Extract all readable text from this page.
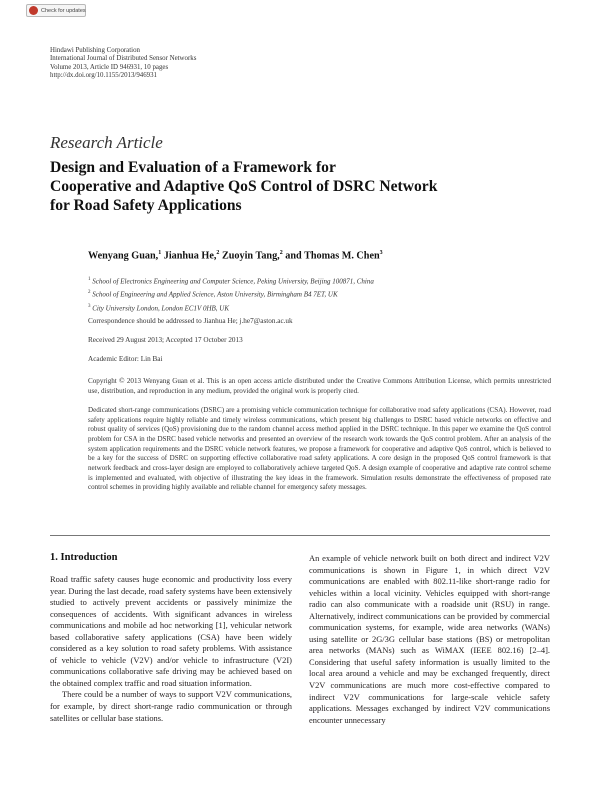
Check for updates
Hindawi Publishing Corporation
International Journal of Distributed Sensor Networks
Volume 2013, Article ID 946931, 10 pages
http://dx.doi.org/10.1155/2013/946931
Research Article
Design and Evaluation of a Framework for
Cooperative and Adaptive QoS Control of DSRC Network
for Road Safety Applications
Wenyang Guan,$^1$ Jianhua He,$^2$ Zuoyin Tang,$^2$ and Thomas M. Chen$^3$
$^1$ School of Electronics Engineering and Computer Science, Peking University, Beijing 100871, China
$^2$ School of Engineering and Applied Science, Aston University, Birmingham B4 7ET, UK
$^3$ City University London, London EC1V 0HB, UK
Correspondence should be addressed to Jianhua He; j.he7@aston.ac.uk
Received 29 August 2013; Accepted 17 October 2013
Academic Editor: Lin Bai
Copyright © 2013 Wenyang Guan et al. This is an open access article distributed under the Creative Commons Attribution License, which permits unrestricted use, distribution, and reproduction in any medium, provided the original work is properly cited.
Dedicated short-range communications (DSRC) are a promising vehicle communication technique for collaborative road safety applications (CSA). However, road safety applications require highly reliable and timely wireless communications, which present big challenges to DSRC based vehicle networks on effective and robust quality of services (QoS) provisioning due to the random channel access method applied in the DSRC technique. In this paper we examine the QoS control problem for CSA in the DSRC based vehicle networks and presented an overview of the research work towards the QoS control problem. After an analysis of the system application requirements and the DSRC vehicle network features, we propose a framework for cooperative and adaptive QoS control, which is believed to be a key for the success of DSRC on supporting effective collaborative road safety applications. A core design in the proposed QoS control framework is that network feedback and cross-layer design are employed to collaboratively achieve targeted QoS. A design example of cooperative and adaptive rate control scheme is implemented and evaluated, with objective of illustrating the key ideas in the framework. Simulation results demonstrate the effectiveness of proposed rate control schemes in providing highly available and reliable channel for emergency safety messages.
1. Introduction

Road traffic safety causes huge economic and productivity loss every year. During the last decade, road safety systems have been extensively studied to actively prevent accidents or passively minimize the consequences of accidents. With significant advances in wireless communications and mobile ad hoc networking [1], vehicular network based collaborative safety applications (CSA) have been widely considered as a key solution to road safety problems. With assistance of vehicle to vehicle (V2V) and/or vehicle to infrastructure (V2I) communications collaborative safe driving may be achieved based on the obtained complex traffic and road situation information.

There could be a number of ways to support V2V communications, for example, by direct short-range radio communication or through satellites or cellular base stations.

An example of vehicle network built on both direct and indirect V2V communications is shown in Figure 1, in which direct V2V communications are enabled with 802.11-like short-range radio for vehicles within a local vicinity. Vehicles equipped with short-range radio can also communicate with a roadside unit (RSU) in range. Alternatively, indirect communications can be provided by commercial communication systems, for example, wide area networks (WANs) using satellite or 2G/3G cellular base stations (BS) or metropolitan area networks (MANs) such as WiMAX (IEEE 802.16) [2–4]. Considering that useful safety information is usually limited to the local area around a vehicle and may be exchanged frequently, direct V2V communications are much more cost-effective compared to indirect V2V communications for large-scale vehicle safety applications. Messages exchanged by indirect V2V communications encounter unnecessary
